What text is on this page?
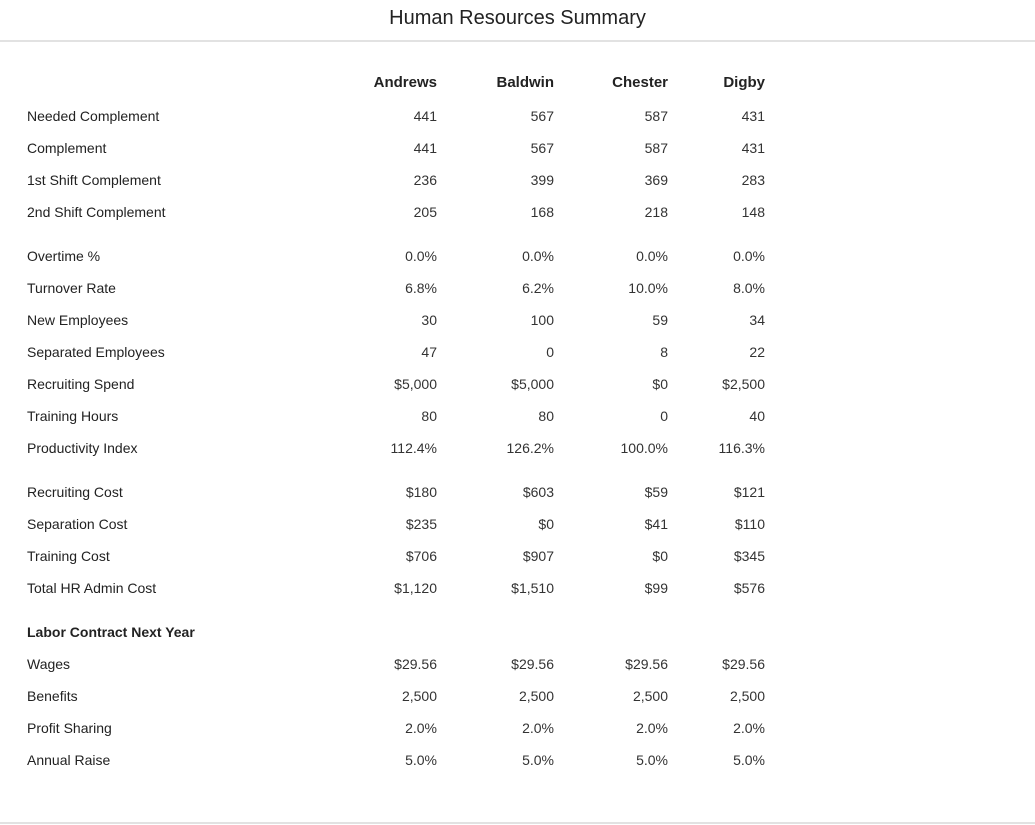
Human Resources Summary
Andrews	Baldwin	Chester	Digby
Needed Complement	441	567	587	431
Complement	441	567	587	431
1st Shift Complement	236	399	369	283
2nd Shift Complement	205	168	218	148
Overtime %	0.0%	0.0%	0.0%	0.0%
Turnover Rate	6.8%	6.2%	10.0%	8.0%
New Employees	30	100	59	34
Separated Employees	47	0	8	22
Recruiting Spend	$5,000	$5,000	$0	$2,500
Training Hours	80	80	0	40
Productivity Index	112.4%	126.2%	100.0%	116.3%
Recruiting Cost	$180	$603	$59	$121
Separation Cost	$235	$0	$41	$110
Training Cost	$706	$907	$0	$345
Total HR Admin Cost	$1,120	$1,510	$99	$576
Labor Contract Next Year
Wages	$29.56	$29.56	$29.56	$29.56
Benefits	2,500	2,500	2,500	2,500
Profit Sharing	2.0%	2.0%	2.0%	2.0%
Annual Raise	5.0%	5.0%	5.0%	5.0%
